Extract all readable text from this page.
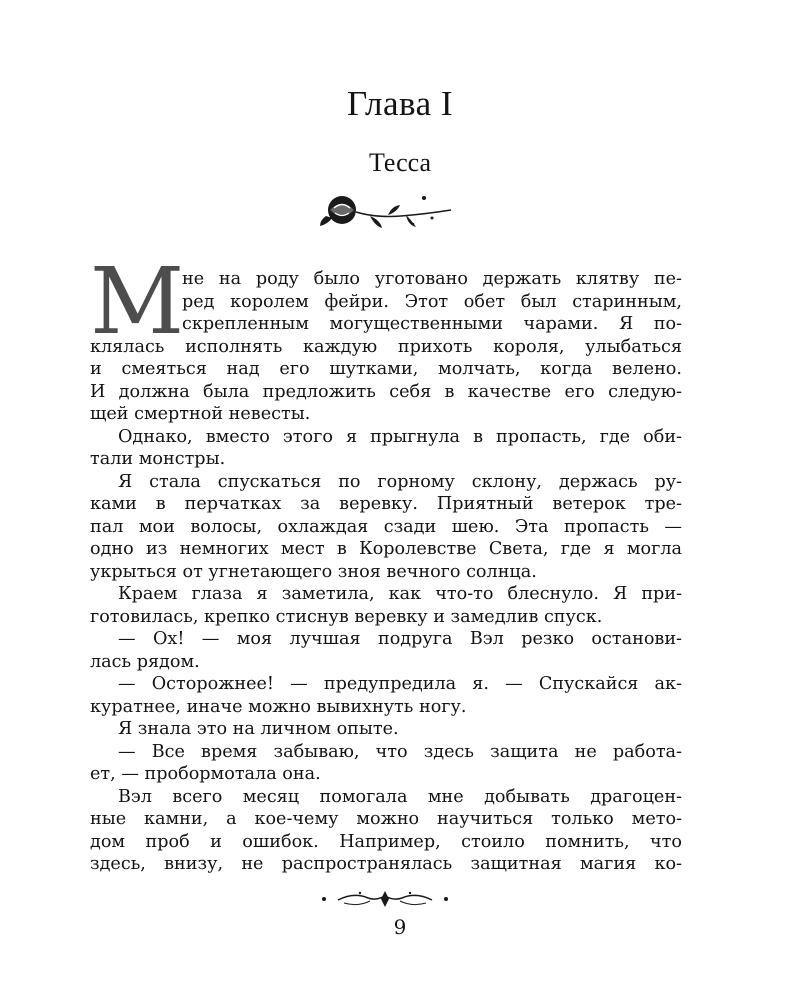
Глава I
Тесса
М
не на роду было уготовано держать клятву пе-
ред королем фейри. Этот обет был старинным,
скрепленным могущественными чарами. Я по-
клялась исполнять каждую прихоть короля, улыбаться
и смеяться над его шутками, молчать, когда велено.
И должна была предложить себя в качестве его следую-
щей смертной невесты.
Однако, вместо этого я прыгнула в пропасть, где оби-
тали монстры.
Я стала спускаться по горному склону, держась ру-
ками в перчатках за веревку. Приятный ветерок тре-
пал мои волосы, охлаждая сзади шею. Эта пропасть —
одно из немногих мест в Королевстве Света, где я могла
укрыться от угнетающего зноя вечного солнца.
Краем глаза я заметила, как что-то блеснуло. Я при-
готовилась, крепко стиснув веревку и замедлив спуск.
— Ох! — моя лучшая подруга Вэл резко останови-
лась рядом.
— Осторожнее! — предупредила я. — Спускайся ак-
куратнее, иначе можно вывихнуть ногу.
Я знала это на личном опыте.
— Все время забываю, что здесь защита не работа-
ет, — пробормотала она.
Вэл всего месяц помогала мне добывать драгоцен-
ные камни, а кое-чему можно научиться только мето-
дом проб и ошибок. Например, стоило помнить, что
здесь, внизу, не распространялась защитная магия ко-
9
